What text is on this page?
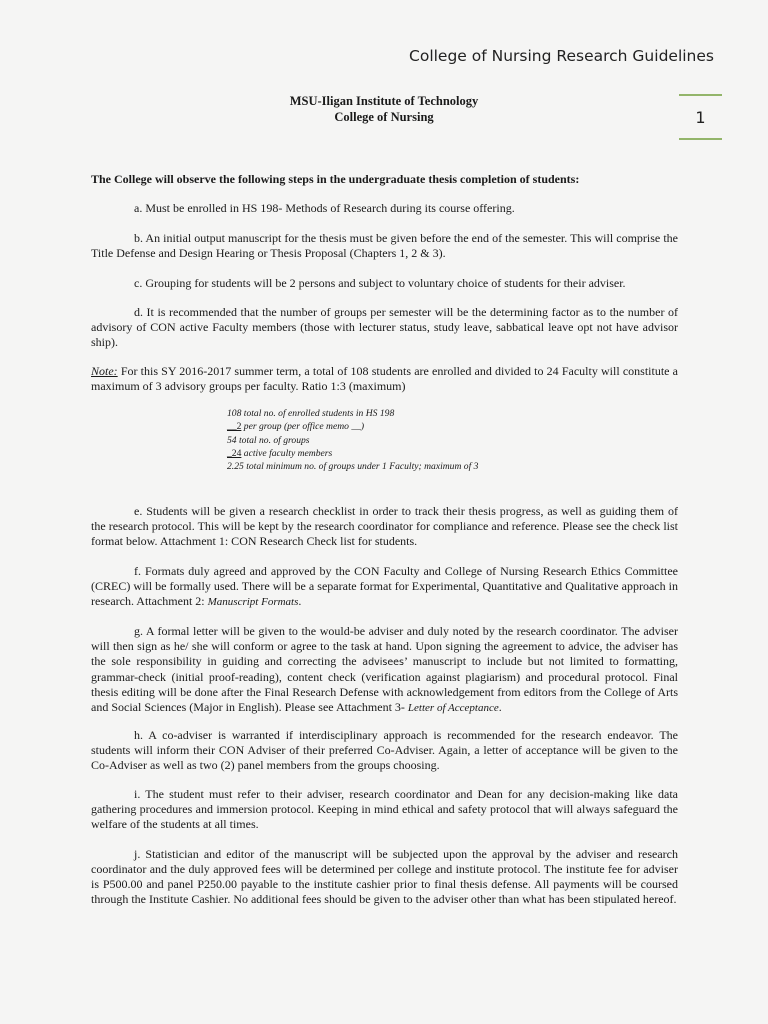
College of Nursing Research Guidelines
1
MSU-Iligan Institute of Technology
College of Nursing

The College will observe the following steps in the undergraduate thesis completion of students:

a. Must be enrolled in HS 198- Methods of Research during its course offering.

b. An initial output manuscript for the thesis must be given before the end of the semester. This will comprise the Title Defense and Design Hearing or Thesis Proposal (Chapters 1, 2 & 3).

c. Grouping for students will be 2 persons and subject to voluntary choice of students for their adviser.

d. It is recommended that the number of groups per semester will be the determining factor as to the number of advisory of CON active Faculty members (those with lecturer status, study leave, sabbatical leave opt not have advisor ship).

Note: For this SY 2016-2017 summer term, a total of 108 students are enrolled and divided to 24 Faculty will constitute a maximum of 3 advisory groups per faculty. Ratio 1:3 (maximum)

108 total no. of enrolled students in HS 198
__2 per group (per office memo __)
54 total no. of groups
_24 active faculty members
2.25 total minimum no. of groups under 1 Faculty; maximum of 3

e. Students will be given a research checklist in order to track their thesis progress, as well as guiding them of the research protocol. This will be kept by the research coordinator for compliance and reference. Please see the check list format below. Attachment 1: CON Research Check list for students.

f. Formats duly agreed and approved by the CON Faculty and College of Nursing Research Ethics Committee (CREC) will be formally used. There will be a separate format for Experimental, Quantitative and Qualitative approach in research. Attachment 2: Manuscript Formats.

g. A formal letter will be given to the would-be adviser and duly noted by the research coordinator. The adviser will then sign as he/ she will conform or agree to the task at hand. Upon signing the agreement to advice, the adviser has the sole responsibility in guiding and correcting the advisees’ manuscript to include but not limited to formatting, grammar-check (initial proof-reading), content check (verification against plagiarism) and procedural protocol. Final thesis editing will be done after the Final Research Defense with acknowledgement from editors from the College of Arts and Social Sciences (Major in English). Please see Attachment 3- Letter of Acceptance.

h. A co-adviser is warranted if interdisciplinary approach is recommended for the research endeavor. The students will inform their CON Adviser of their preferred Co-Adviser. Again, a letter of acceptance will be given to the Co-Adviser as well as two (2) panel members from the groups choosing.

i. The student must refer to their adviser, research coordinator and Dean for any decision-making like data gathering procedures and immersion protocol. Keeping in mind ethical and safety protocol that will always safeguard the welfare of the students at all times.

j. Statistician and editor of the manuscript will be subjected upon the approval by the adviser and research coordinator and the duly approved fees will be determined per college and institute protocol. The institute fee for adviser is P500.00 and panel P250.00 payable to the institute cashier prior to final thesis defense. All payments will be coursed through the Institute Cashier. No additional fees should be given to the adviser other than what has been stipulated hereof.
